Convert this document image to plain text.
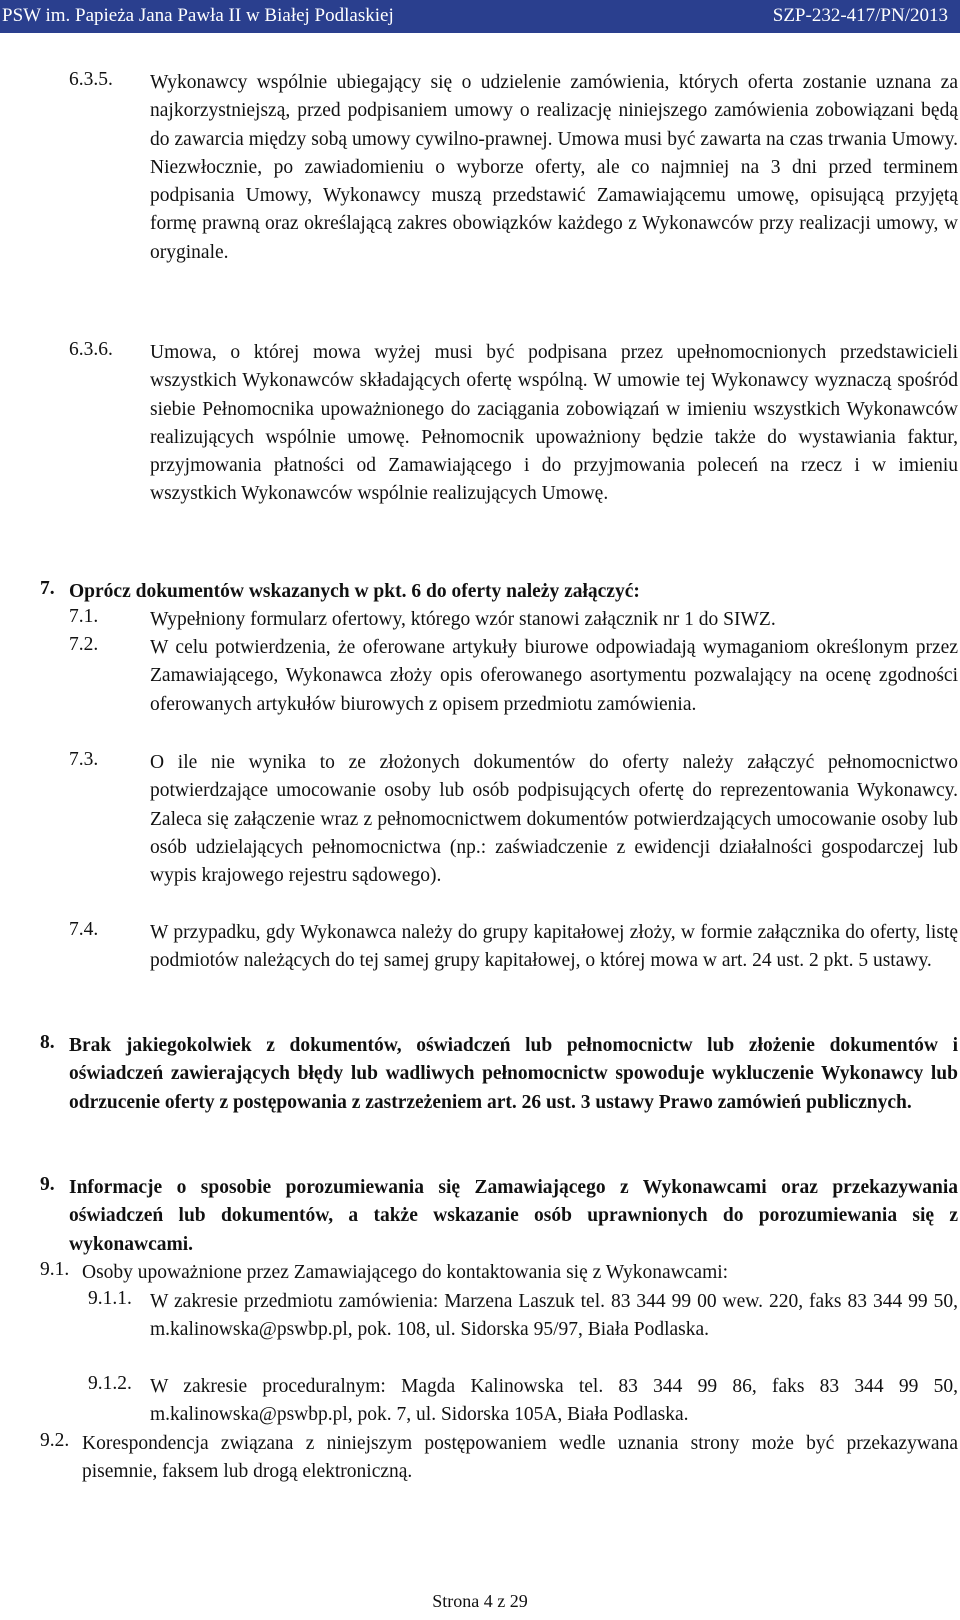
PSW im. Papieża Jana Pawła II w Białej Podlaskiej	SZP-232-417/PN/2013
6.3.5. Wykonawcy wspólnie ubiegający się o udzielenie zamówienia, których oferta zostanie uznana za najkorzystniejszą, przed podpisaniem umowy o realizację niniejszego zamówienia zobowiązani będą do zawarcia między sobą umowy cywilno-prawnej. Umowa musi być zawarta na czas trwania Umowy. Niezwłocznie, po zawiadomieniu o wyborze oferty, ale co najmniej na 3 dni przed terminem podpisania Umowy, Wykonawcy muszą przedstawić Zamawiającemu umowę, opisującą przyjętą formę prawną oraz określającą zakres obowiązków każdego z Wykonawców przy realizacji umowy, w oryginale.
6.3.6. Umowa, o której mowa wyżej musi być podpisana przez upełnomocnionych przedstawicieli wszystkich Wykonawców składających ofertę wspólną. W umowie tej Wykonawcy wyznaczą spośród siebie Pełnomocnika upoważnionego do zaciągania zobowiązań w imieniu wszystkich Wykonawców realizujących wspólnie umowę. Pełnomocnik upoważniony będzie także do wystawiania faktur, przyjmowania płatności od Zamawiającego i do przyjmowania poleceń na rzecz i w imieniu wszystkich Wykonawców wspólnie realizujących Umowę.
7. Oprócz dokumentów wskazanych w pkt. 6 do oferty należy załączyć:
7.1.	Wypełniony formularz ofertowy, którego wzór stanowi załącznik nr 1 do SIWZ.
7.2.	W celu potwierdzenia, że oferowane artykuły biurowe odpowiadają wymaganiom określonym przez Zamawiającego, Wykonawca złoży opis oferowanego asortymentu pozwalający na ocenę zgodności oferowanych artykułów biurowych z opisem przedmiotu zamówienia.
7.3.	O ile nie wynika to ze złożonych dokumentów do oferty należy załączyć pełnomocnictwo potwierdzające umocowanie osoby lub osób podpisujących ofertę do reprezentowania Wykonawcy. Zaleca się załączenie wraz z pełnomocnictwem dokumentów potwierdzających umocowanie osoby lub osób udzielających pełnomocnictwa (np.: zaświadczenie z ewidencji działalności gospodarczej lub wypis krajowego rejestru sądowego).
7.4.	W przypadku, gdy Wykonawca należy do grupy kapitałowej złoży, w formie załącznika do oferty, listę podmiotów należących do tej samej grupy kapitałowej, o której mowa w art. 24 ust. 2 pkt. 5 ustawy.
8. Brak jakiegokolwiek z dokumentów, oświadczeń lub pełnomocnictw lub złożenie dokumentów i oświadczeń zawierających błędy lub wadliwych pełnomocnictw spowoduje wykluczenie Wykonawcy lub odrzucenie oferty z postępowania z zastrzeżeniem art. 26 ust. 3 ustawy Prawo zamówień publicznych.
9. Informacje o sposobie porozumiewania się Zamawiającego z Wykonawcami oraz przekazywania oświadczeń lub dokumentów, a także wskazanie osób uprawnionych do porozumiewania się z wykonawcami.
9.1. Osoby upoważnione przez Zamawiającego do kontaktowania się z Wykonawcami:
9.1.1. W zakresie przedmiotu zamówienia: Marzena Laszuk tel. 83 344 99 00 wew. 220, faks 83 344 99 50, m.kalinowska@pswbp.pl, pok. 108, ul. Sidorska 95/97, Biała Podlaska.
9.1.2. W zakresie proceduralnym: Magda Kalinowska tel. 83 344 99 86, faks 83 344 99 50, m.kalinowska@pswbp.pl, pok. 7, ul. Sidorska 105A, Biała Podlaska.
9.2. Korespondencja związana z niniejszym postępowaniem wedle uznania strony może być przekazywana pisemnie, faksem lub drogą elektroniczną.
Strona 4 z 29
